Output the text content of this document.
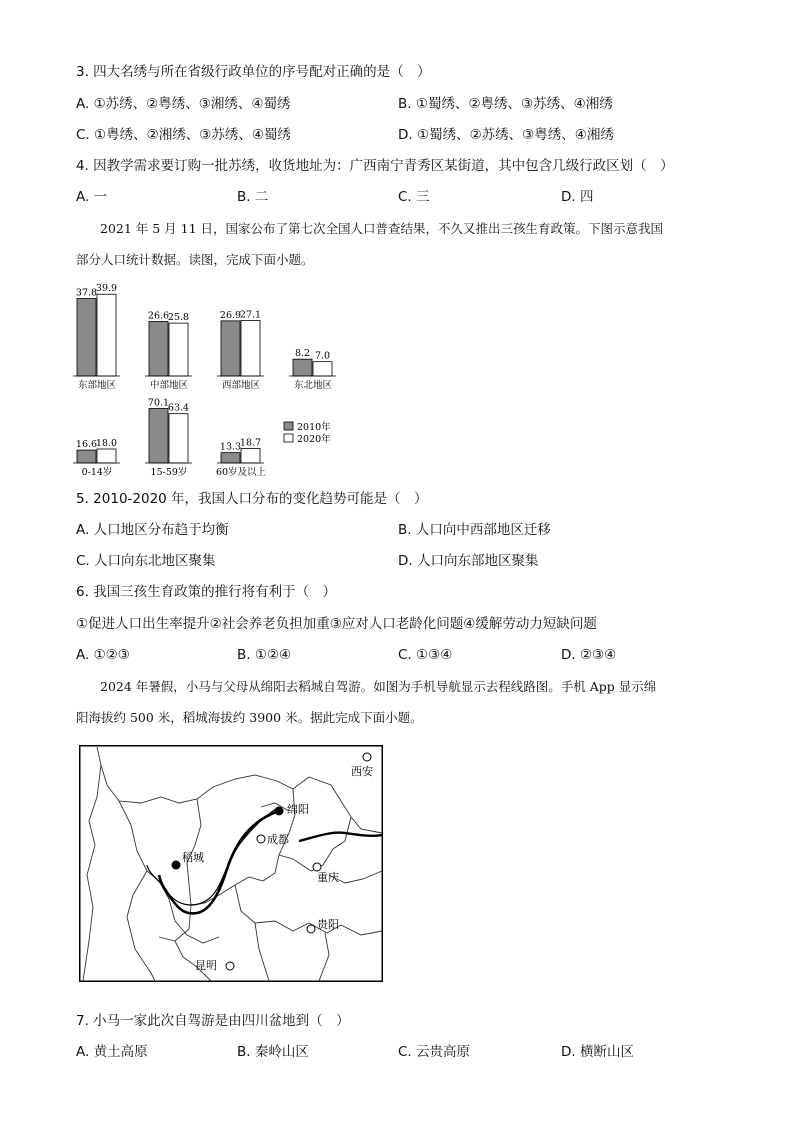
3. 四大名绣与所在省级行政单位的序号配对正确的是（　）
A. ①苏绣、②粤绣、③湘绣、④蜀绣	B. ①蜀绣、②粤绣、③苏绣、④湘绣
C. ①粤绣、②湘绣、③苏绣、④蜀绣	D. ①蜀绣、②苏绣、③粤绣、④湘绣
4. 因教学需求要订购一批苏绣，收货地址为：广西南宁青秀区某街道，其中包含几级行政区划（　）
A. 一	B. 二	C. 三	D. 四
2021 年 5 月 11 日，国家公布了第七次全国人口普查结果，不久又推出三孩生育政策。下图示意我国
部分人口统计数据。读图，完成下面小题。
37.8
39.9
东部地区
26.6
25.8
中部地区
26.9
27.1
西部地区
8.2 7.0
东北地区
16.6
18.0
0-14岁
70.1
63.4
15-59岁
13.3
18.7
60岁及以上
2010年
2020年
5. 2010-2020 年，我国人口分布的变化趋势可能是（　）
A. 人口地区分布趋于均衡	B. 人口向中西部地区迁移
C. 人口向东北地区聚集	D. 人口向东部地区聚集
6. 我国三孩生育政策的推行将有利于（　）
①促进人口出生率提升②社会养老负担加重③应对人口老龄化问题④缓解劳动力短缺问题
A. ①②③	B. ①②④	C. ①③④	D. ②③④
2024 年暑假，小马与父母从绵阳去稻城自驾游。如图为手机导航显示去程线路图。手机 App 显示绵
阳海拔约 500 米，稻城海拔约 3900 米。据此完成下面小题。
西安
绵阳
成都
稻城
重庆
贵阳
昆明
7. 小马一家此次自驾游是由四川盆地到（　）
A. 黄土高原	B. 秦岭山区	C. 云贵高原	D. 横断山区
